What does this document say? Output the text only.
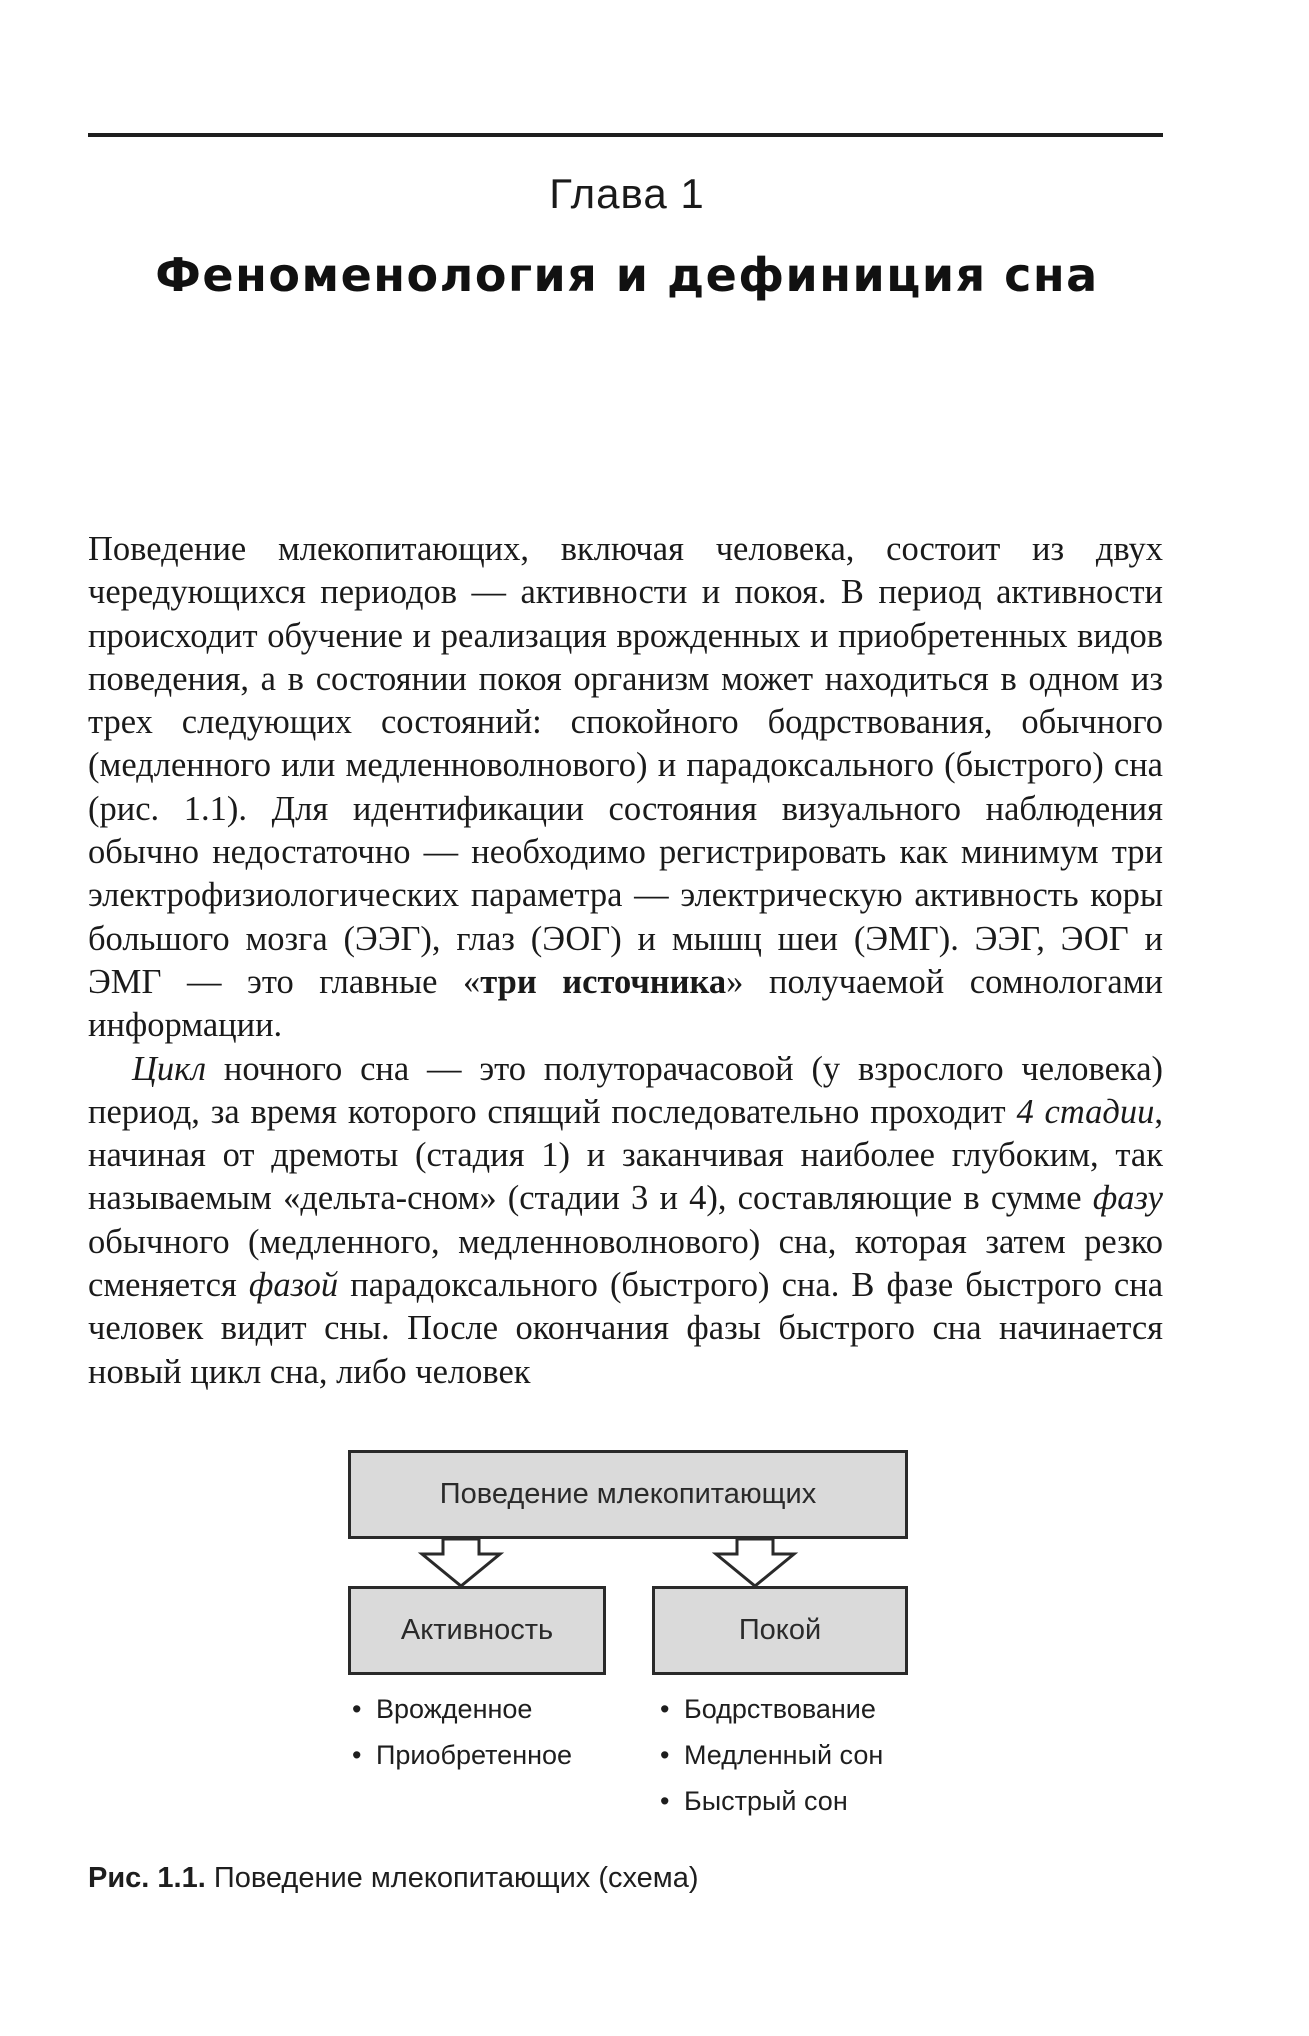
Глава 1
Феноменология и дефиниция сна

Поведение млекопитающих, включая человека, состоит из двух чередующихся периодов — активности и покоя. В период активности происходит обучение и реализация врожденных и приобретенных видов поведения, а в состоянии покоя организм может находиться в одном из трех следующих состояний: спокойного бодрствования, обычного (медленного или медленноволнового) и парадоксального (быстрого) сна (рис. 1.1). Для идентификации состояния визуального наблюдения обычно недостаточно — необходимо регистрировать как минимум три электрофизиологических параметра — электрическую активность коры большого мозга (ЭЭГ), глаз (ЭОГ) и мышц шеи (ЭМГ). ЭЭГ, ЭОГ и ЭМГ — это главные «три источника» получаемой сомнологами информации.

Цикл ночного сна — это полуторачасовой (у взрослого человека) период, за время которого спящий последовательно проходит 4 стадии, начиная от дремоты (стадия 1) и заканчивая наиболее глубоким, так называемым «дельта-сном» (стадии 3 и 4), составляющие в сумме фазу обычного (медленного, медленноволнового) сна, которая затем резко сменяется фазой парадоксального (быстрого) сна. В фазе быстрого сна человек видит сны. После окончания фазы быстрого сна начинается новый цикл сна, либо человек

Поведение млекопитающих
Активность	Покой
• Врожденное
• Приобретенное
• Бодрствование
• Медленный сон
• Быстрый сон
Рис. 1.1. Поведение млекопитающих (схема)
